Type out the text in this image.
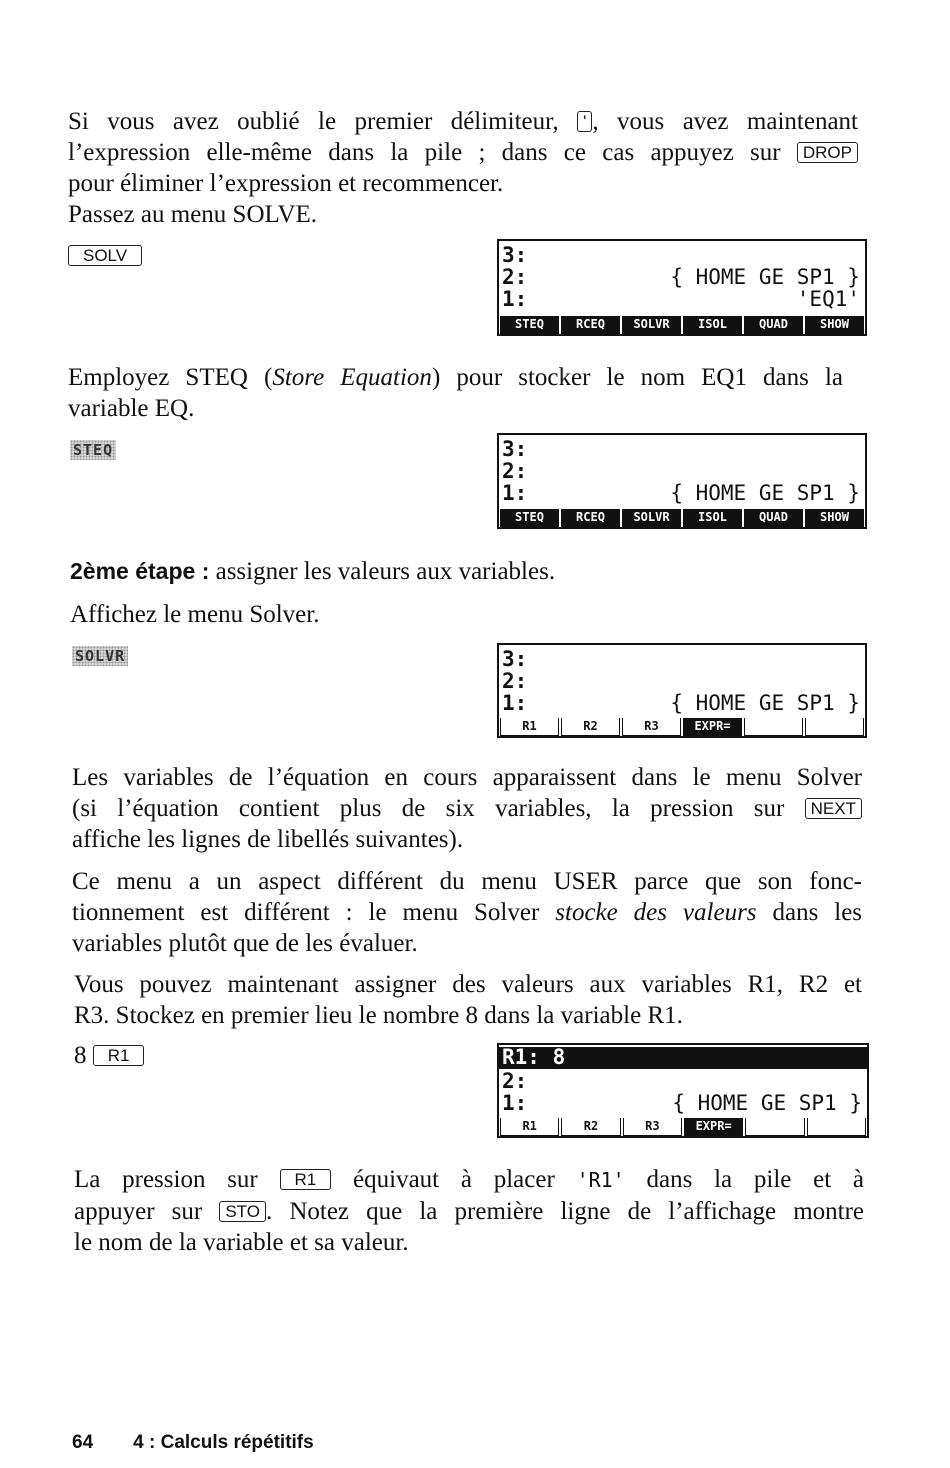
Si vous avez oublié le premier délimiteur, ' , vous avez maintenant
l’expression elle-même dans la pile ; dans ce cas appuyez sur DROP
pour éliminer l’expression et recommencer.
Passez au menu SOLVE.
SOLV	3:
2:	{ HOME GE SP1 }
1:	'EQ1'
STEQ	RCEQ	SOLVR	ISOL	QUAD	SHOW
Employez STEQ (Store Equation) pour stocker le nom EQ1 dans la
variable EQ.
STEQ	3:
2:
1:	{ HOME GE SP1 }
STEQ	RCEQ	SOLVR	ISOL	QUAD	SHOW
2ème étape : assigner les valeurs aux variables.
Affichez le menu Solver.
SOLVR	3:
2:
1:	{ HOME GE SP1 }
R1	R2	R3	EXPR=
Les variables de l’équation en cours apparaissent dans le menu Solver
(si l’équation contient plus de six variables, la pression sur NEXT
affiche les lignes de libellés suivantes).
Ce menu a un aspect différent du menu USER parce que son fonc-
tionnement est différent : le menu Solver stocke des valeurs dans les
variables plutôt que de les évaluer.
Vous pouvez maintenant assigner des valeurs aux variables R1, R2 et
R3. Stockez en premier lieu le nombre 8 dans la variable R1.
8 R1	R1: 8
2:
1:	{ HOME GE SP1 }
R1	R2	R3	EXPR=
La pression sur R1 équivaut à placer 'R1' dans la pile et à
appuyer sur STO . Notez que la première ligne de l’affichage montre
le nom de la variable et sa valeur.
64 4 : Calculs répétitifs
